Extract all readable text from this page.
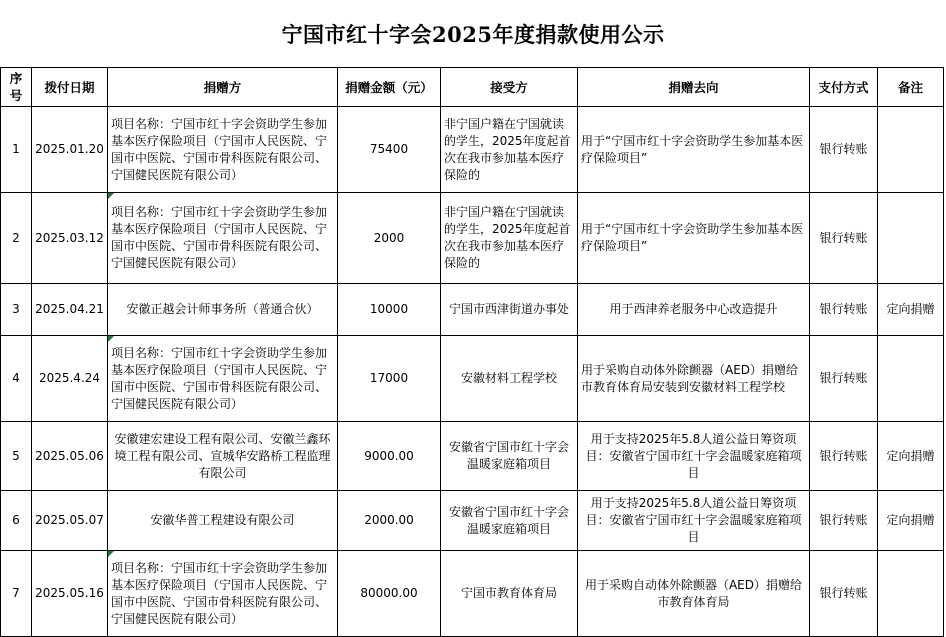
宁国市红十字会2025年度捐款使用公示
序号	拨付日期	捐赠方	捐赠金额（元）	接受方	捐赠去向	支付方式	备注
1	2025.01.20	项目名称：宁国市红十字会资助学生参加基本医疗保险项目（宁国市人民医院、宁国市中医院、宁国市骨科医院有限公司、宁国健民医院有限公司）	75400	非宁国户籍在宁国就读的学生，2025年度起首次在我市参加基本医疗保险的	用于“宁国市红十字会资助学生参加基本医疗保险项目”	银行转账	
2	2025.03.12	项目名称：宁国市红十字会资助学生参加基本医疗保险项目（宁国市人民医院、宁国市中医院、宁国市骨科医院有限公司、宁国健民医院有限公司）	2000	非宁国户籍在宁国就读的学生，2025年度起首次在我市参加基本医疗保险的	用于“宁国市红十字会资助学生参加基本医疗保险项目”	银行转账	
3	2025.04.21	安徽正越会计师事务所（普通合伙）	10000	宁国市西津街道办事处	用于西津养老服务中心改造提升	银行转账	定向捐赠
4	2025.4.24	项目名称：宁国市红十字会资助学生参加基本医疗保险项目（宁国市人民医院、宁国市中医院、宁国市骨科医院有限公司、宁国健民医院有限公司）	17000	安徽材料工程学校	用于采购自动体外除颤器（AED）捐赠给市教育体育局安装到安徽材料工程学校	银行转账	
5	2025.05.06	安徽建宏建设工程有限公司、安徽兰鑫环境工程有限公司、宣城华安路桥工程监理有限公司	9000.00	安徽省宁国市红十字会温暖家庭箱项目	用于支持2025年5.8人道公益日筹资项目：安徽省宁国市红十字会温暖家庭箱项目	银行转账	定向捐赠
6	2025.05.07	安徽华普工程建设有限公司	2000.00	安徽省宁国市红十字会温暖家庭箱项目	用于支持2025年5.8人道公益日筹资项目：安徽省宁国市红十字会温暖家庭箱项目	银行转账	定向捐赠
7	2025.05.16	项目名称：宁国市红十字会资助学生参加基本医疗保险项目（宁国市人民医院、宁国市中医院、宁国市骨科医院有限公司、宁国健民医院有限公司）	80000.00	宁国市教育体育局	用于采购自动体外除颤器（AED）捐赠给市教育体育局	银行转账	
